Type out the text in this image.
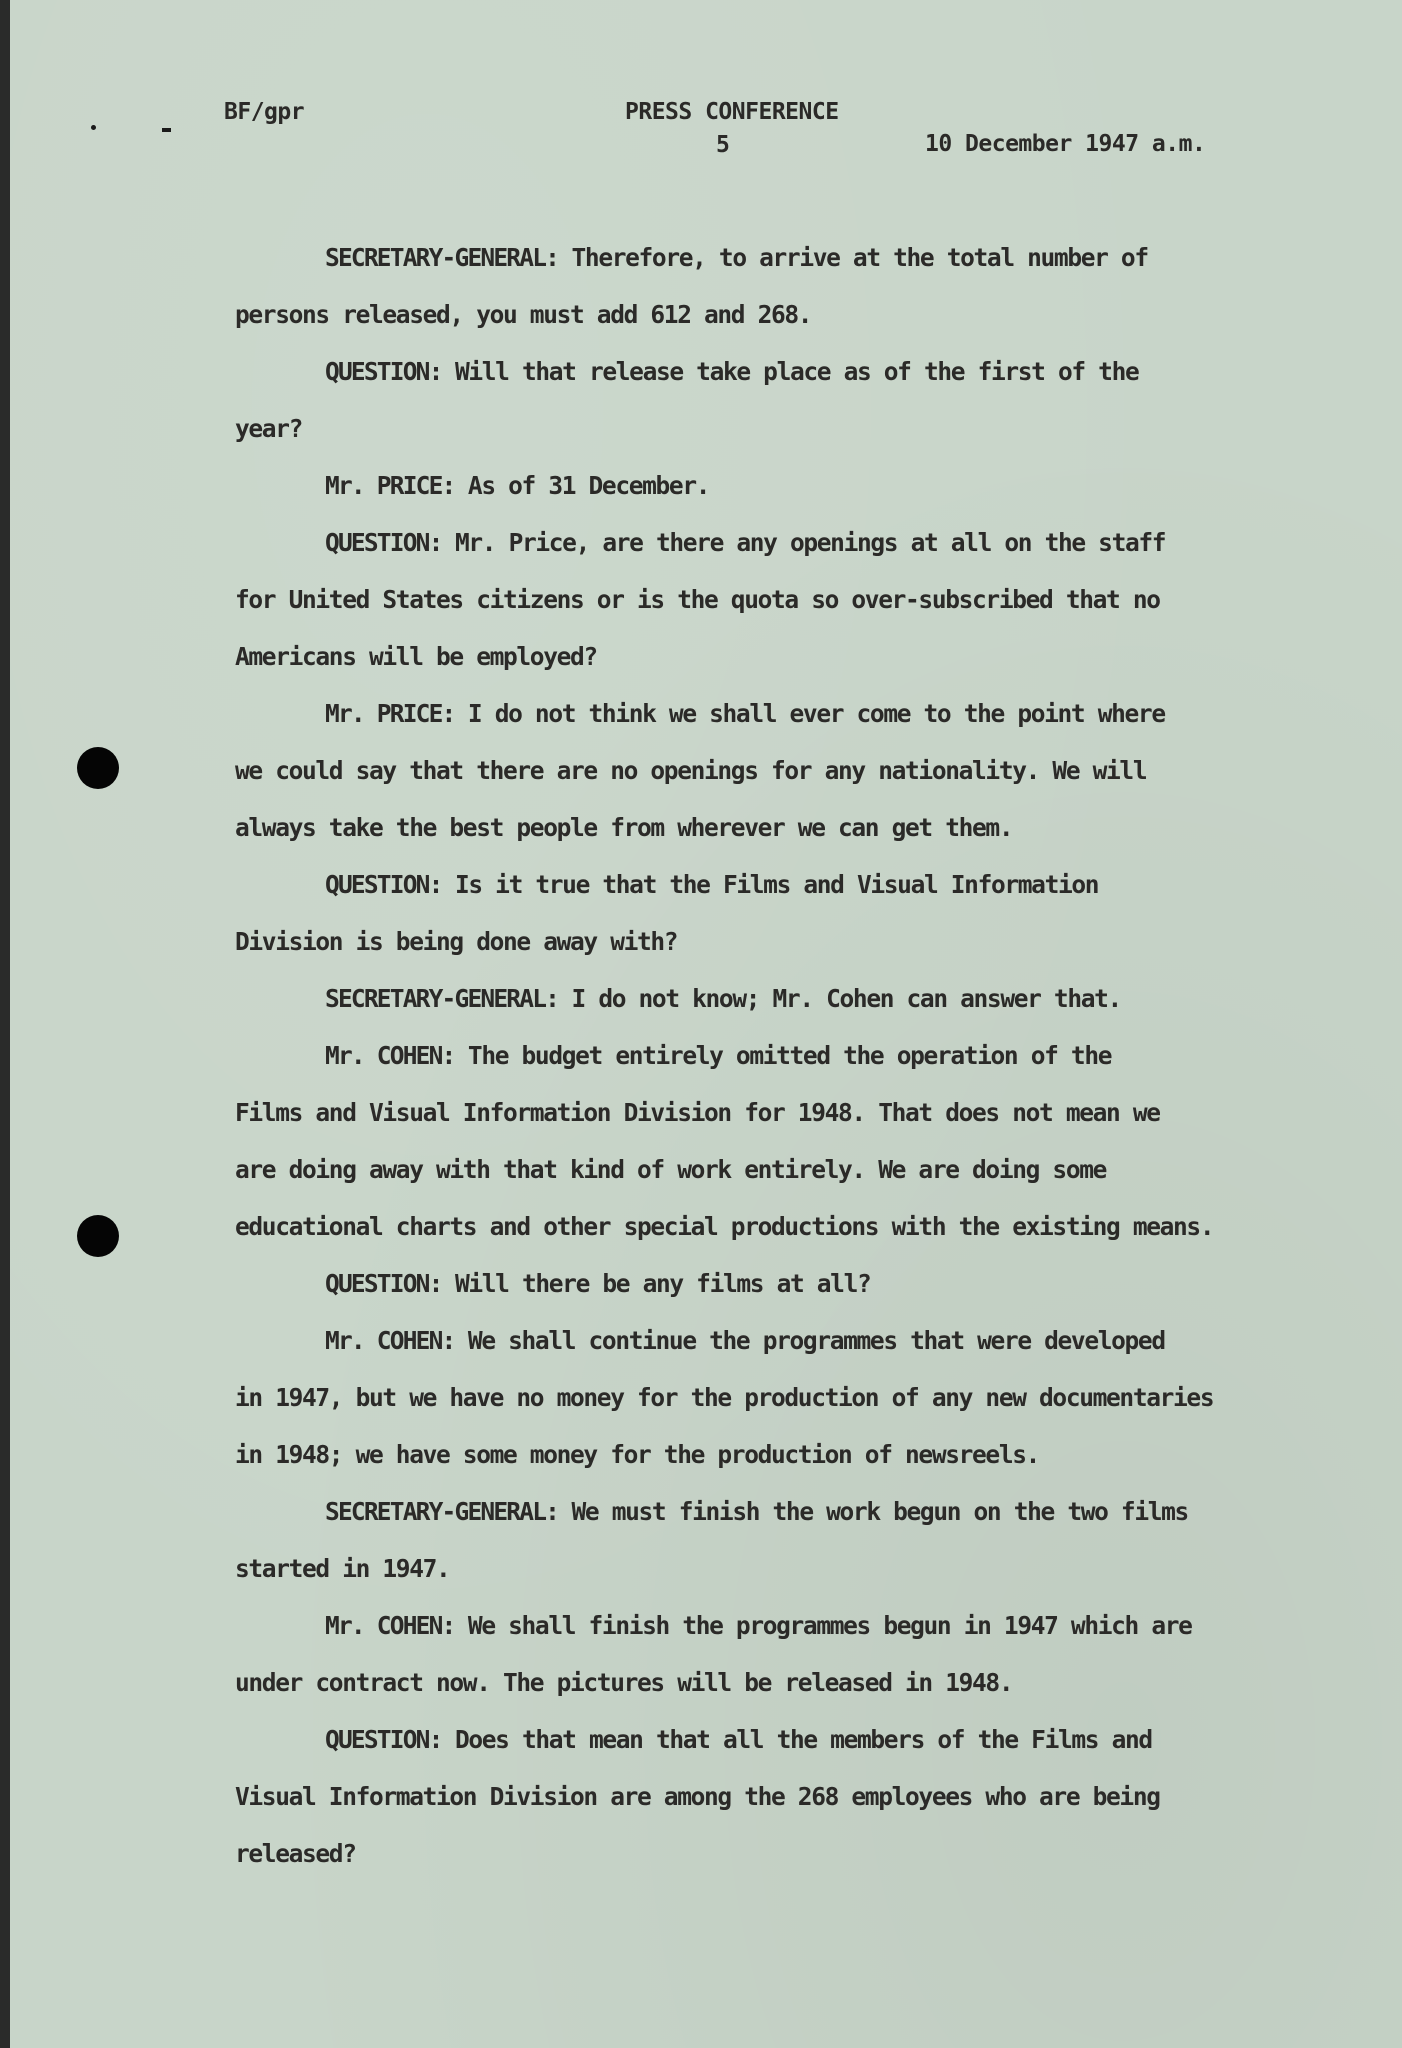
BF/gpr	PRESS CONFERENCE
5	10 December 1947 a.m.
SECRETARY-GENERAL: Therefore, to arrive at the total number of
persons released, you must add 612 and 268.
QUESTION: Will that release take place as of the first of the
year?
Mr. PRICE: As of 31 December.
QUESTION: Mr. Price, are there any openings at all on the staff
for United States citizens or is the quota so over-subscribed that no
Americans will be employed?
Mr. PRICE: I do not think we shall ever come to the point where
we could say that there are no openings for any nationality. We will
always take the best people from wherever we can get them.
QUESTION: Is it true that the Films and Visual Information
Division is being done away with?
SECRETARY-GENERAL: I do not know; Mr. Cohen can answer that.
Mr. COHEN: The budget entirely omitted the operation of the
Films and Visual Information Division for 1948. That does not mean we
are doing away with that kind of work entirely. We are doing some
educational charts and other special productions with the existing means.
QUESTION: Will there be any films at all?
Mr. COHEN: We shall continue the programmes that were developed
in 1947, but we have no money for the production of any new documentaries
in 1948; we have some money for the production of newsreels.
SECRETARY-GENERAL: We must finish the work begun on the two films
started in 1947.
Mr. COHEN: We shall finish the programmes begun in 1947 which are
under contract now. The pictures will be released in 1948.
QUESTION: Does that mean that all the members of the Films and
Visual Information Division are among the 268 employees who are being
released?
